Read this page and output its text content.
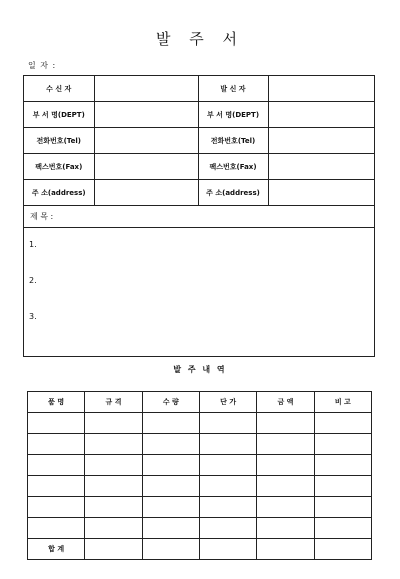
발 주 서
일 자 :
수 신 자		발 신 자	
부 서 명(DEPT)		부 서 명(DEPT)	
전화번호(Tel)		전화번호(Tel)	
팩스번호(Fax)		팩스번호(Fax)	
주 소(address)		주 소(address)	
제 목 :
1.
2.
3.
발 주 내 역
품 명	규 격	수 량	단 가	금 액	비 고

합 계					
